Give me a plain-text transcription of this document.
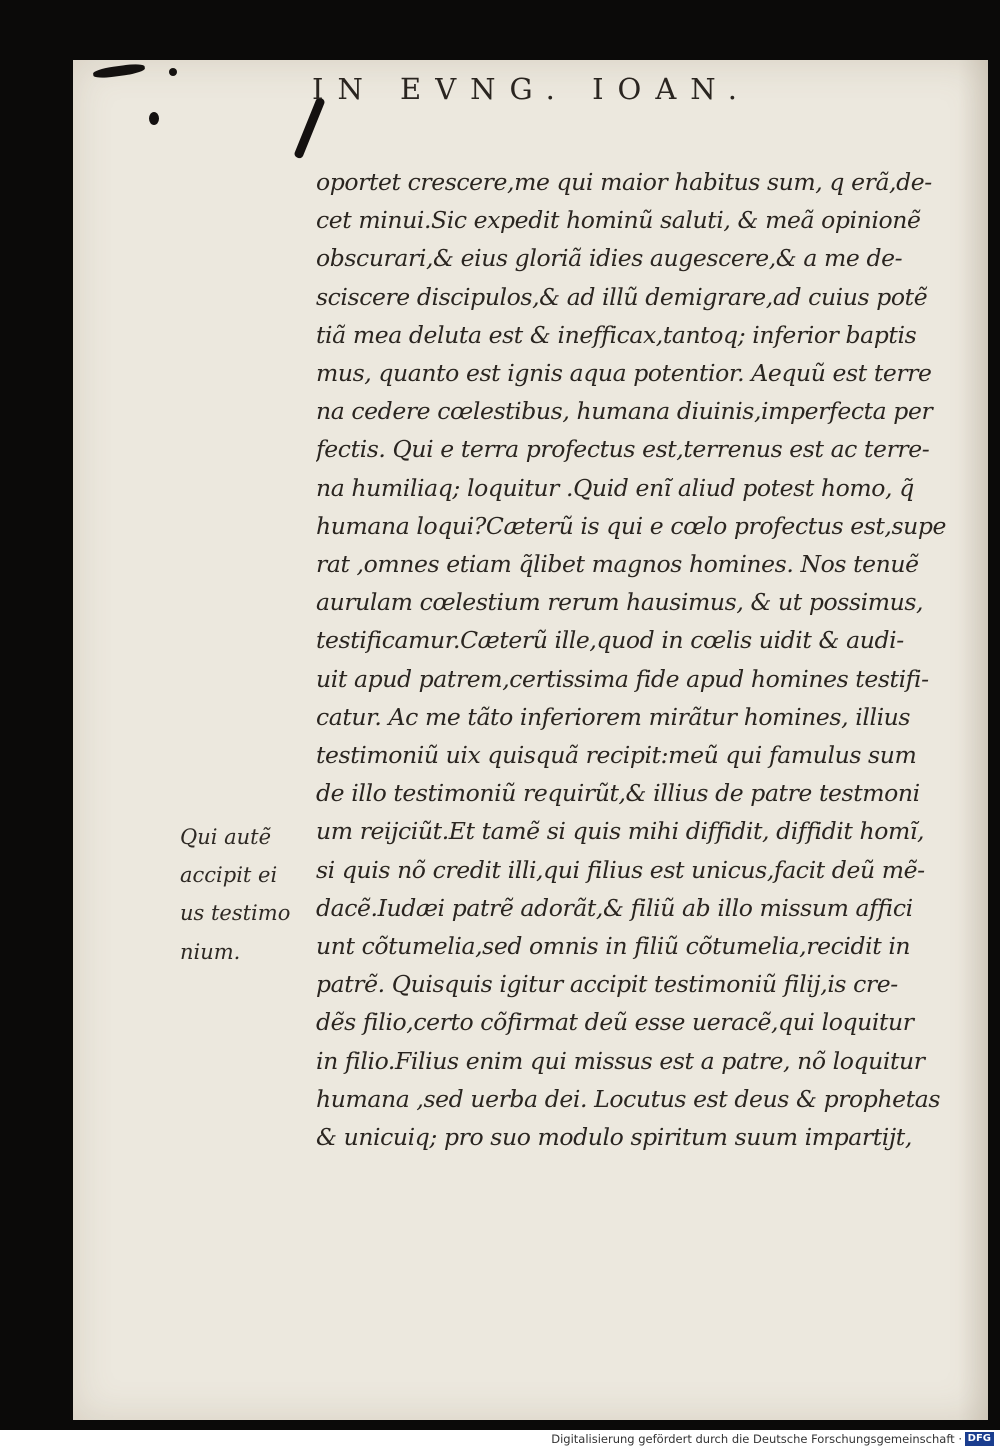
IN EVNG. IOAN.
oportet crescere,me qui maior habitus sum, q erã,de-
cet minui.Sic expedit hominũ saluti, & meã opinionẽ
obscurari,& eius gloriã idies augescere,& a me de-
sciscere discipulos,& ad illũ demigrare,ad cuius potẽ
tiã mea deluta est & inefficax,tantoq; inferior baptis
mus, quanto est ignis aqua potentior. Aequũ est terre
na cedere cœlestibus, humana diuinis,imperfecta per
fectis. Qui e terra profectus est,terrenus est ac terre-
na humiliaq; loquitur .Quid enĩ aliud potest homo, q̃
humana loqui?Cæterũ is qui e cœlo profectus est,supe
rat ,omnes etiam q̃libet magnos homines. Nos tenuẽ
aurulam cœlestium rerum hausimus, & ut possimus,
testificamur.Cæterũ ille,quod in cœlis uidit & audi-
uit apud patrem,certissima fide apud homines testifi-
catur. Ac me tãto inferiorem mirãtur homines, illius
testimoniũ uix quisquã recipit:meũ qui famulus sum
de illo testimoniũ requirũt,& illius de patre testmoni
um reijciũt.Et tamẽ si quis mihi diffidit, diffidit homĩ,
si quis nõ credit illi,qui filius est unicus,facit deũ mẽ-
dacẽ.Iudæi patrẽ adorãt,& filiũ ab illo missum affici
unt cõtumelia,sed omnis in filiũ cõtumelia,recidit in
patrẽ. Quisquis igitur accipit testimoniũ filij,is cre-
dẽs filio,certo cõfirmat deũ esse ueracẽ,qui loquitur
in filio.Filius enim qui missus est a patre, nõ loquitur
humana ,sed uerba dei. Locutus est deus & prophetas
& unicuiq; pro suo modulo spiritum suum impartijt,
Qui autẽ
accipit ei
us testimo
nium.
Digitalisierung gefördert durch die Deutsche Forschungsgemeinschaft · DFG
